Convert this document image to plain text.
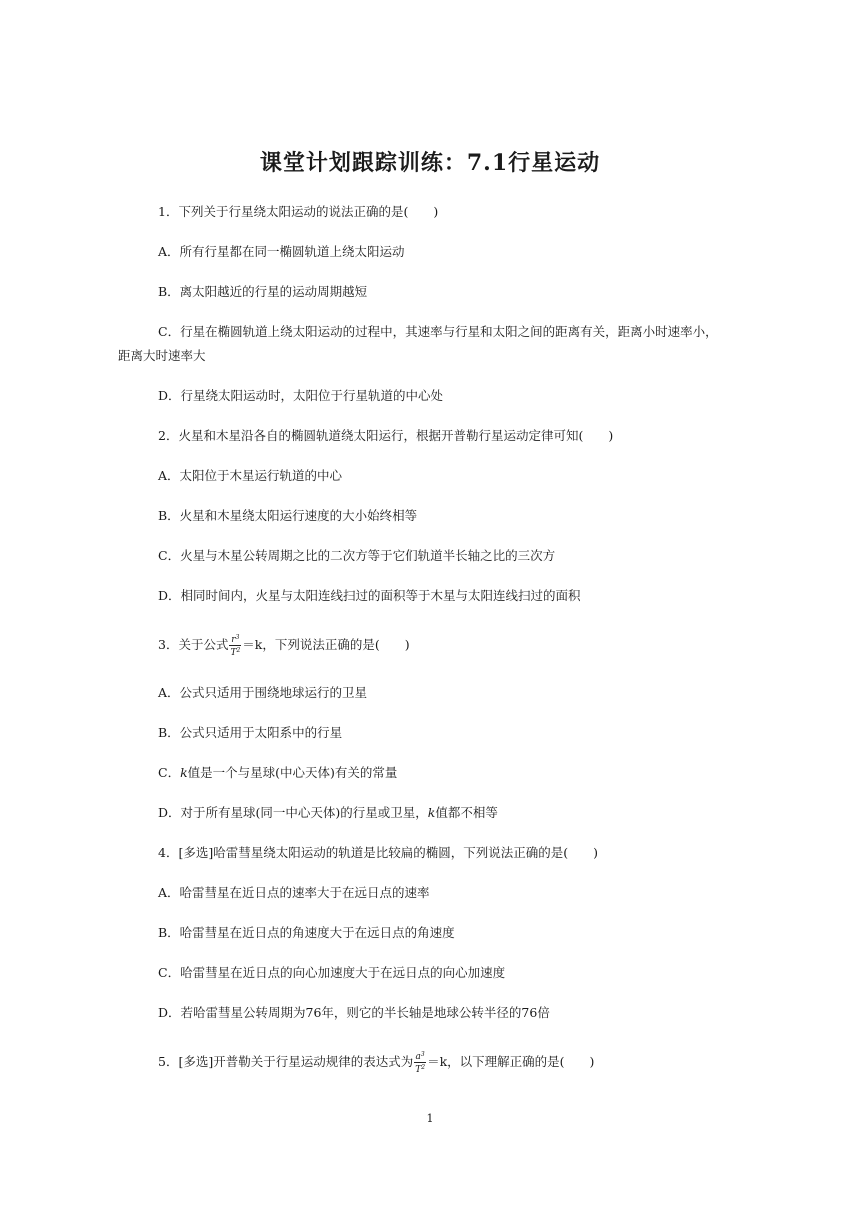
课堂计划跟踪训练：7.1行星运动
1．下列关于行星绕太阳运动的说法正确的是(　　)
A．所有行星都在同一椭圆轨道上绕太阳运动
B．离太阳越近的行星的运动周期越短
C．行星在椭圆轨道上绕太阳运动的过程中，其速率与行星和太阳之间的距离有关，距离小时速率小，
距离大时速率大
D．行星绕太阳运动时，太阳位于行星轨道的中心处
2．火星和木星沿各自的椭圆轨道绕太阳运行，根据开普勒行星运动定律可知(　　)
A．太阳位于木星运行轨道的中心
B．火星和木星绕太阳运行速度的大小始终相等
C．火星与木星公转周期之比的二次方等于它们轨道半长轴之比的三次方
D．相同时间内，火星与太阳连线扫过的面积等于木星与太阳连线扫过的面积
3．关于公式 $\frac{r^3}{T^2} =k$，下列说法正确的是(　　)
A．公式只适用于围绕地球运行的卫星
B．公式只适用于太阳系中的行星
C．k值是一个与星球(中心天体)有关的常量
D．对于所有星球(同一中心天体)的行星或卫星，k值都不相等
4．[多选]哈雷彗星绕太阳运动的轨道是比较扁的椭圆，下列说法正确的是(　　)
A．哈雷彗星在近日点的速率大于在远日点的速率
B．哈雷彗星在近日点的角速度大于在远日点的角速度
C．哈雷彗星在近日点的向心加速度大于在远日点的向心加速度
D．若哈雷彗星公转周期为76年，则它的半长轴是地球公转半径的76倍
5．[多选]开普勒关于行星运动规律的表达式为 $\frac{a^3}{T^2} =k$，以下理解正确的是(　　)
1
